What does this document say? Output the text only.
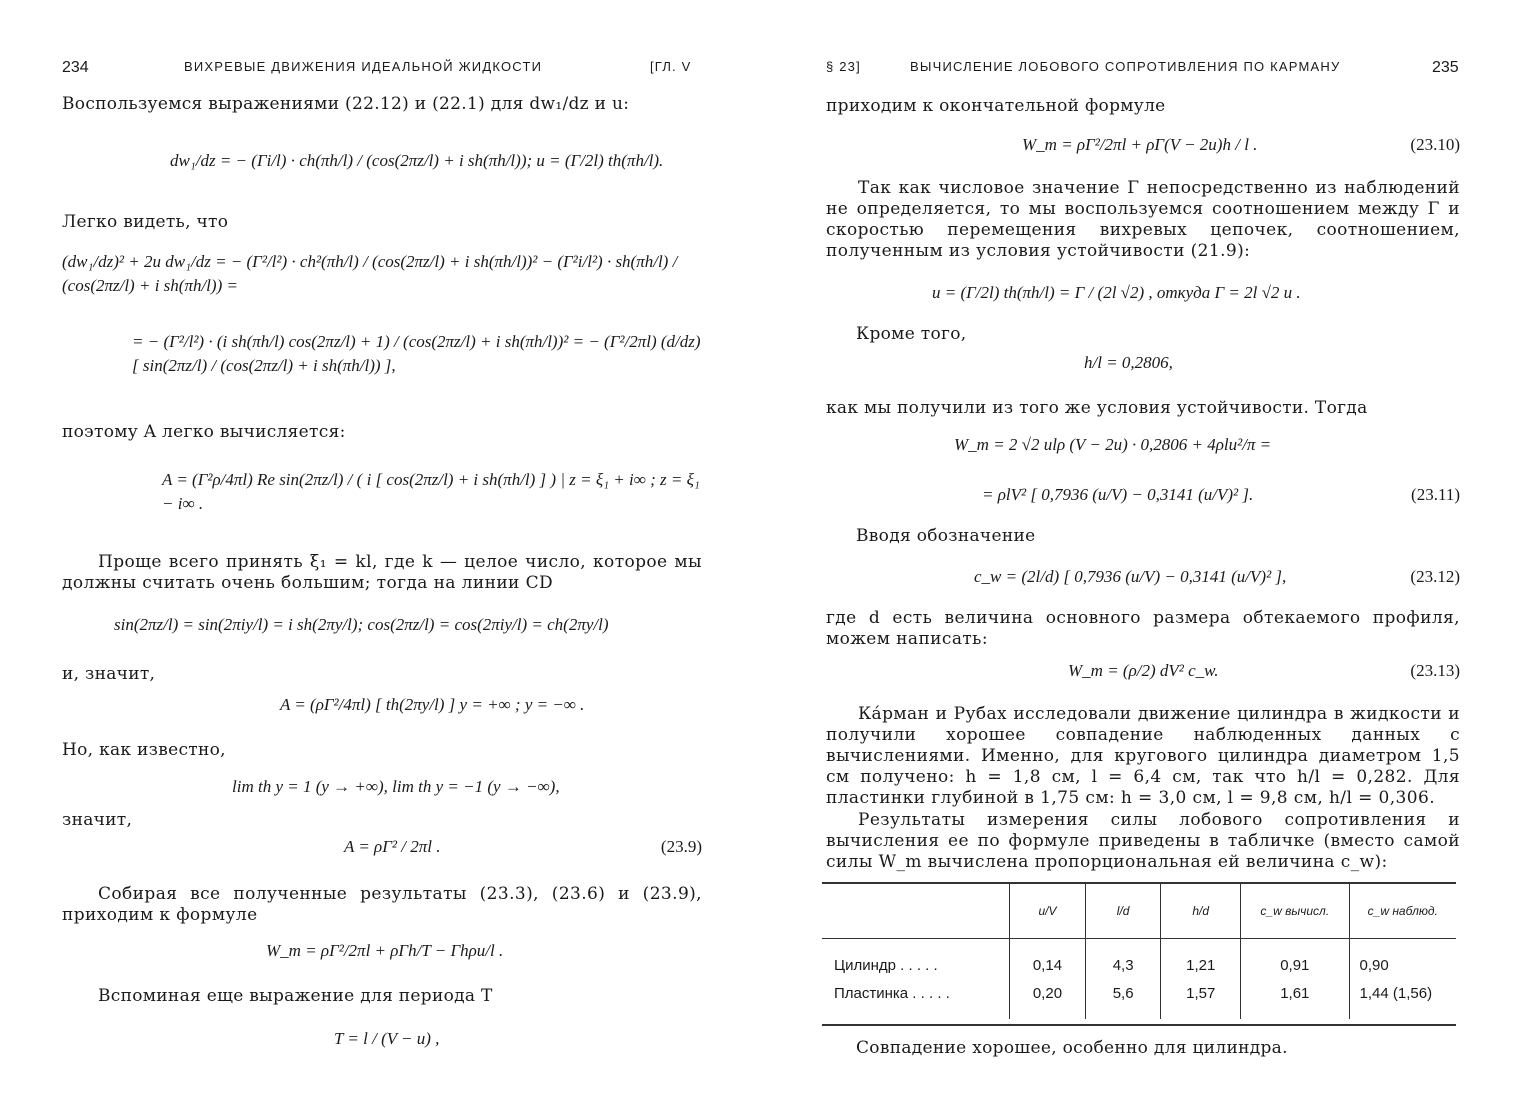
234	ВИХРЕВЫЕ ДВИЖЕНИЯ ИДЕАЛЬНОЙ ЖИДКОСТИ	[ГЛ. V
Воспользуемся выражениями (22.12) и (22.1) для dw₁/dz и u:
dw₁/dz = − (Γi/l) · ch(πh/l) / (cos(2πz/l) + i sh(πh/l)); u = (Γ/2l) th(πh/l).
Легко видеть, что
(dw₁/dz)² + 2u dw₁/dz = − (Γ²/l²) · ch²(πh/l) / (cos(2πz/l) + i sh(πh/l))² − (Γ²i/l²) · sh(πh/l) / (cos(2πz/l) + i sh(πh/l)) =
= − (Γ²/l²) · (i sh(πh/l) cos(2πz/l) + 1) / (cos(2πz/l) + i sh(πh/l))² = − (Γ²/2πl) (d/dz) [ sin(2πz/l) / (cos(2πz/l) + i sh(πh/l)) ],
поэтому A легко вычисляется:
A = (Γ²ρ/4πl) Re sin(2πz/l) / ( i [ cos(2πz/l) + i sh(πh/l) ] ) | z = ξ₁ + i∞ ; z = ξ₁ − i∞ .
Проще всего принять ξ₁ = kl, где k — целое число, которое мы должны считать очень большим; тогда на линии CD
sin(2πz/l) = sin(2πiy/l) = i sh(2πy/l); cos(2πz/l) = cos(2πiy/l) = ch(2πy/l)
и, значит,
A = (ρΓ²/4πl) [ th(2πy/l) ] y = +∞ ; y = −∞ .
Но, как известно,
lim th y = 1 (y → +∞), lim th y = −1 (y → −∞),
значит,
A = ρΓ² / 2πl .	(23.9)
Собирая все полученные результаты (23.3), (23.6) и (23.9), приходим к формуле
W_m = ρΓ²/2πl + ρΓh/T − Γhρu/l .
Вспоминая еще выражение для периода T
T = l / (V − u) ,
§ 23]	ВЫЧИСЛЕНИЕ ЛОБОВОГО СОПРОТИВЛЕНИЯ ПО КАРМАНУ	235
приходим к окончательной формуле
W_m = ρΓ²/2πl + ρΓ(V − 2u)h / l .	(23.10)
Так как числовое значение Γ непосредственно из наблюдений не определяется, то мы воспользуемся соотношением между Γ и скоростью перемещения вихревых цепочек, соотношением, полученным из условия устойчивости (21.9):
u = (Γ/2l) th(πh/l) = Γ / (2l √2) , откуда Γ = 2l √2 u .
Кроме того,
h/l = 0,2806,
как мы получили из того же условия устойчивости. Тогда
W_m = 2 √2 ulρ (V − 2u) · 0,2806 + 4ρlu²/π =
= ρlV² [ 0,7936 (u/V) − 0,3141 (u/V)² ].	(23.11)
Вводя обозначение
c_w = (2l/d) [ 0,7936 (u/V) − 0,3141 (u/V)² ],	(23.12)
где d есть величина основного размера обтекаемого профиля, можем написать:
W_m = (ρ/2) dV² c_w.	(23.13)
Ка́рман и Рубах исследовали движение цилиндра в жидкости и получили хорошее совпадение наблюденных данных с вычислениями. Именно, для кругового цилиндра диаметром 1,5 см получено: h = 1,8 см, l = 6,4 см, так что h/l = 0,282. Для пластинки глубиной в 1,75 см: h = 3,0 см, l = 9,8 см, h/l = 0,306.
Результаты измерения силы лобового сопротивления и вычисления ее по формуле приведены в табличке (вместо самой силы W_m вычислена пропорциональная ей величина c_w):
	u/V	l/d	h/d	c_w вычисл.	c_w наблюд.

Цилиндр . . . . .	0,14	4,3	1,21	0,91	0,90
Пластинка . . . . .	0,20	5,6	1,57	1,61	1,44 (1,56)

Совпадение хорошее, особенно для цилиндра.
